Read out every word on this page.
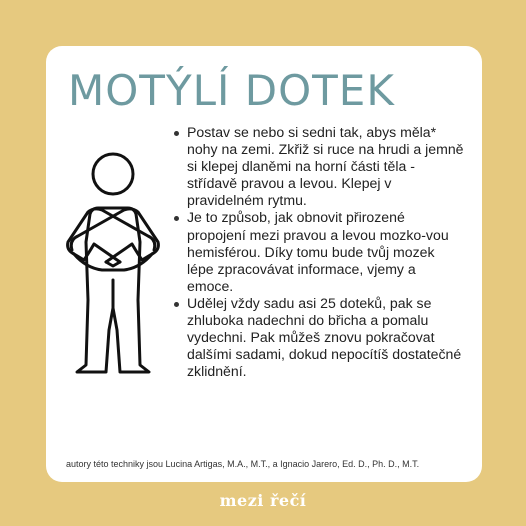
MOTÝLÍ DOTEK
Postav se nebo si sedni tak, abys měla* nohy na zemi. Zkřiž si ruce na hrudi a jemně si klepej dlaněmi na horní části těla - střídavě pravou a levou. Klepej v pravidelném rytmu.
Je to způsob, jak obnovit přirozené propojení mezi pravou a levou mozko-vou hemisférou. Díky tomu bude tvůj mozek lépe zpracovávat informace, vjemy a emoce.
Udělej vždy sadu asi 25 doteků, pak se zhluboka nadechni do břicha a pomalu vydechni. Pak můžeš znovu pokračovat dalšími sadami, dokud nepocítíš dostatečné zklidnění.
autory této techniky jsou Lucina Artigas, M.A., M.T., a Ignacio Jarero, Ed. D., Ph. D., M.T.
mezi řečí
